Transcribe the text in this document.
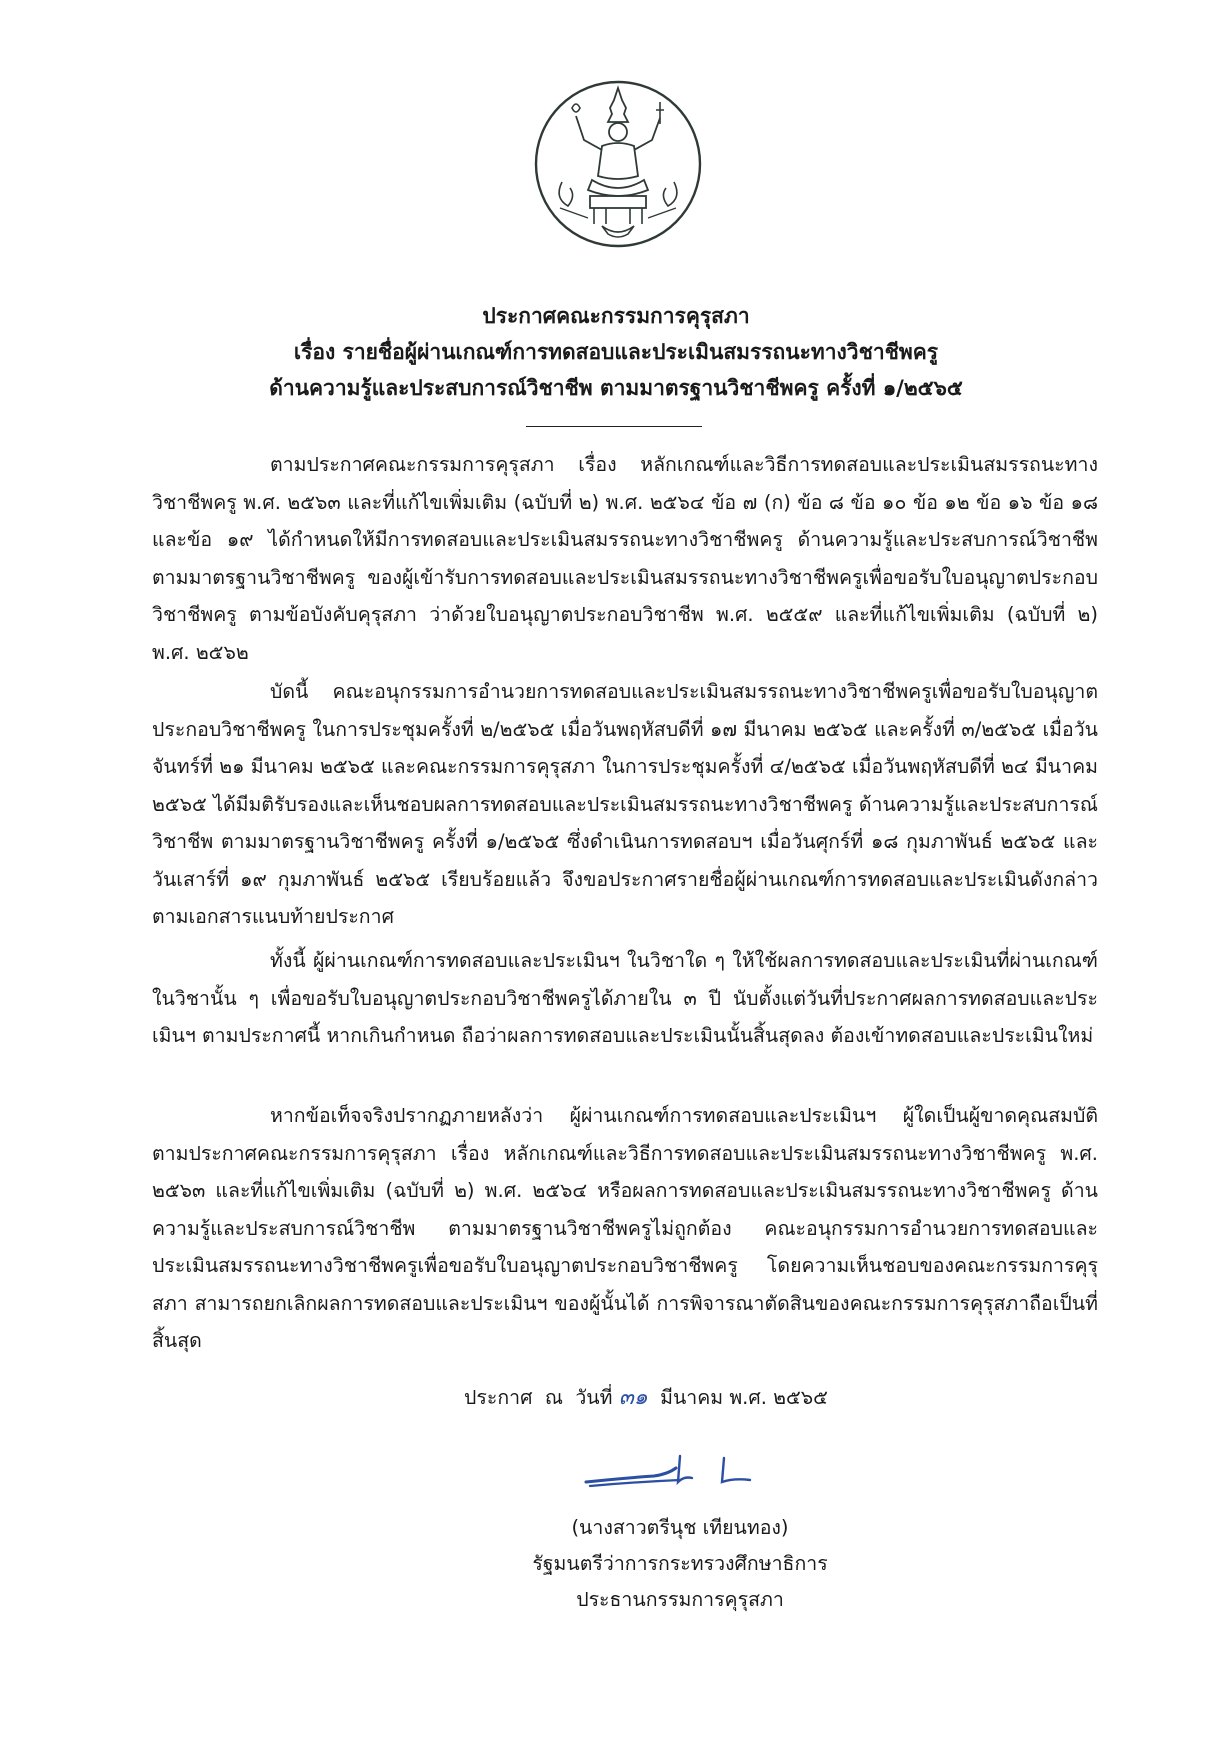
ประกาศคณะกรรมการคุรุสภา
เรื่อง รายชื่อผู้ผ่านเกณฑ์การทดสอบและประเมินสมรรถนะทางวิชาชีพครู
ด้านความรู้และประสบการณ์วิชาชีพ ตามมาตรฐานวิชาชีพครู ครั้งที่ ๑/๒๕๖๕

ตามประกาศคณะกรรมการคุรุสภา เรื่อง หลักเกณฑ์และวิธีการทดสอบและประเมินสมรรถนะทางวิชาชีพครู พ.ศ. ๒๕๖๓ และที่แก้ไขเพิ่มเติม (ฉบับที่ ๒) พ.ศ. ๒๕๖๔ ข้อ ๗ (ก) ข้อ ๘ ข้อ ๑๐ ข้อ ๑๒ ข้อ ๑๖ ข้อ ๑๘ และข้อ ๑๙ ได้กำหนดให้มีการทดสอบและประเมินสมรรถนะทางวิชาชีพครู ด้านความรู้และประสบการณ์วิชาชีพ ตามมาตรฐานวิชาชีพครู ของผู้เข้ารับการทดสอบและประเมินสมรรถนะทางวิชาชีพครูเพื่อขอรับใบอนุญาตประกอบวิชาชีพครู ตามข้อบังคับคุรุสภา ว่าด้วยใบอนุญาตประกอบวิชาชีพ พ.ศ. ๒๕๕๙ และที่แก้ไขเพิ่มเติม (ฉบับที่ ๒) พ.ศ. ๒๕๖๒

บัดนี้ คณะอนุกรรมการอำนวยการทดสอบและประเมินสมรรถนะทางวิชาชีพครูเพื่อขอรับใบอนุญาตประกอบวิชาชีพครู ในการประชุมครั้งที่ ๒/๒๕๖๕ เมื่อวันพฤหัสบดีที่ ๑๗ มีนาคม ๒๕๖๕ และครั้งที่ ๓/๒๕๖๕ เมื่อวันจันทร์ที่ ๒๑ มีนาคม ๒๕๖๕ และคณะกรรมการคุรุสภา ในการประชุมครั้งที่ ๔/๒๕๖๕ เมื่อวันพฤหัสบดีที่ ๒๔ มีนาคม ๒๕๖๕ ได้มีมติรับรองและเห็นชอบผลการทดสอบและประเมินสมรรถนะทางวิชาชีพครู ด้านความรู้และประสบการณ์วิชาชีพ ตามมาตรฐานวิชาชีพครู ครั้งที่ ๑/๒๕๖๕ ซึ่งดำเนินการทดสอบฯ เมื่อวันศุกร์ที่ ๑๘ กุมภาพันธ์ ๒๕๖๕ และวันเสาร์ที่ ๑๙ กุมภาพันธ์ ๒๕๖๕ เรียบร้อยแล้ว จึงขอประกาศรายชื่อผู้ผ่านเกณฑ์การทดสอบและประเมินดังกล่าว ตามเอกสารแนบท้ายประกาศ

ทั้งนี้ ผู้ผ่านเกณฑ์การทดสอบและประเมินฯ ในวิชาใด ๆ ให้ใช้ผลการทดสอบและประเมินที่ผ่านเกณฑ์ในวิชานั้น ๆ เพื่อขอรับใบอนุญาตประกอบวิชาชีพครูได้ภายใน ๓ ปี นับตั้งแต่วันที่ประกาศผลการทดสอบและประเมินฯ ตามประกาศนี้ หากเกินกำหนด ถือว่าผลการทดสอบและประเมินนั้นสิ้นสุดลง ต้องเข้าทดสอบและประเมินใหม่

หากข้อเท็จจริงปรากฏภายหลังว่า ผู้ผ่านเกณฑ์การทดสอบและประเมินฯ ผู้ใดเป็นผู้ขาดคุณสมบัติ ตามประกาศคณะกรรมการคุรุสภา เรื่อง หลักเกณฑ์และวิธีการทดสอบและประเมินสมรรถนะทางวิชาชีพครู พ.ศ. ๒๕๖๓ และที่แก้ไขเพิ่มเติม (ฉบับที่ ๒) พ.ศ. ๒๕๖๔ หรือผลการทดสอบและประเมินสมรรถนะทางวิชาชีพครู ด้านความรู้และประสบการณ์วิชาชีพ ตามมาตรฐานวิชาชีพครูไม่ถูกต้อง คณะอนุกรรมการอำนวยการทดสอบและประเมินสมรรถนะทางวิชาชีพครูเพื่อขอรับใบอนุญาตประกอบวิชาชีพครู โดยความเห็นชอบของคณะกรรมการคุรุสภา สามารถยกเลิกผลการทดสอบและประเมินฯ ของผู้นั้นได้ การพิจารณาตัดสินของคณะกรรมการคุรุสภาถือเป็นที่สิ้นสุด

ประกาศ  ณ  วันที่ ๓๑  มีนาคม พ.ศ. ๒๕๖๕
(นางสาวตรีนุช เทียนทอง)
รัฐมนตรีว่าการกระทรวงศึกษาธิการ
ประธานกรรมการคุรุสภา
